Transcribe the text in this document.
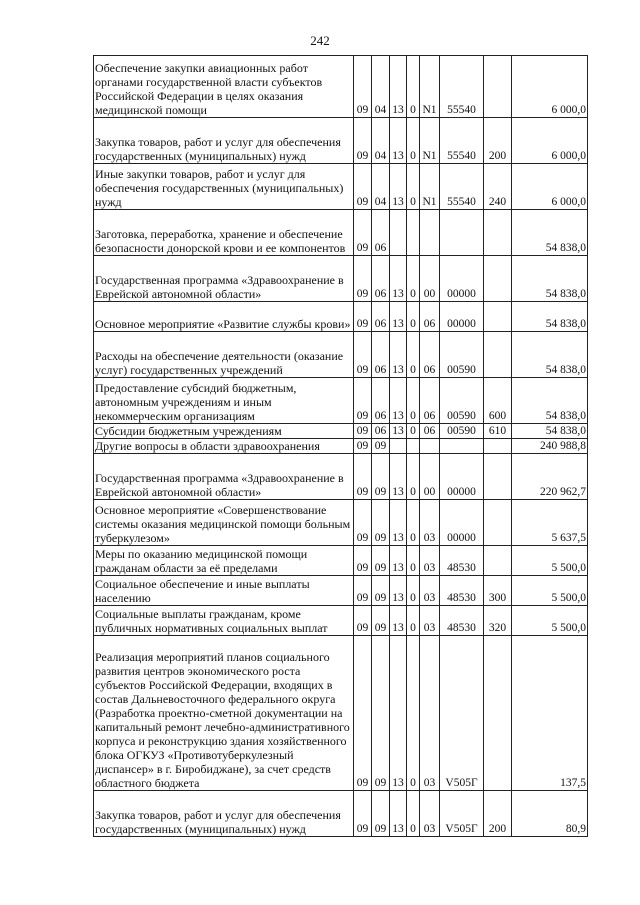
242
Обеспечение закупки авиационных работ органами государственной власти субъектов Российской Федерации в целях оказания медицинской помощи	09	04	13	0	N1	55540		6 000,0
Закупка товаров, работ и услуг для обеспечения государственных (муниципальных) нужд	09	04	13	0	N1	55540	200	6 000,0
Иные закупки товаров, работ и услуг для обеспечения государственных (муниципальных) нужд	09	04	13	0	N1	55540	240	6 000,0
Заготовка, переработка, хранение и обеспечение безопасности донорской крови и ее компонентов	09	06						54 838,0
Государственная программа «Здравоохранение в Еврейской автономной области»	09	06	13	0	00	00000		54 838,0
Основное мероприятие «Развитие службы крови»	09	06	13	0	06	00000		54 838,0
Расходы на обеспечение деятельности (оказание услуг) государственных учреждений	09	06	13	0	06	00590		54 838,0
Предоставление субсидий бюджетным, автономным учреждениям и иным некоммерческим организациям	09	06	13	0	06	00590	600	54 838,0
Субсидии бюджетным учреждениям	09	06	13	0	06	00590	610	54 838,0
Другие вопросы в области здравоохранения	09	09						240 988,8
Государственная программа «Здравоохранение в Еврейской автономной области»	09	09	13	0	00	00000		220 962,7
Основное мероприятие «Совершенствование системы оказания медицинской помощи больным туберкулезом»	09	09	13	0	03	00000		5 637,5
Меры по оказанию медицинской помощи гражданам области за её пределами	09	09	13	0	03	48530		5 500,0
Социальное обеспечение и иные выплаты населению	09	09	13	0	03	48530	300	5 500,0
Социальные выплаты гражданам, кроме публичных нормативных социальных выплат	09	09	13	0	03	48530	320	5 500,0
Реализация мероприятий планов социального развития центров экономического роста субъектов Российской Федерации, входящих в состав Дальневосточного федерального округа (Разработка проектно-сметной документации на капитальный ремонт лечебно-административного корпуса и реконструкцию здания хозяйственного блока ОГКУЗ «Противотуберкулезный диспансер» в г. Биробиджане), за счет средств областного бюджета	09	09	13	0	03	V505Г		137,5
Закупка товаров, работ и услуг для обеспечения государственных (муниципальных) нужд	09	09	13	0	03	V505Г	200	80,9
